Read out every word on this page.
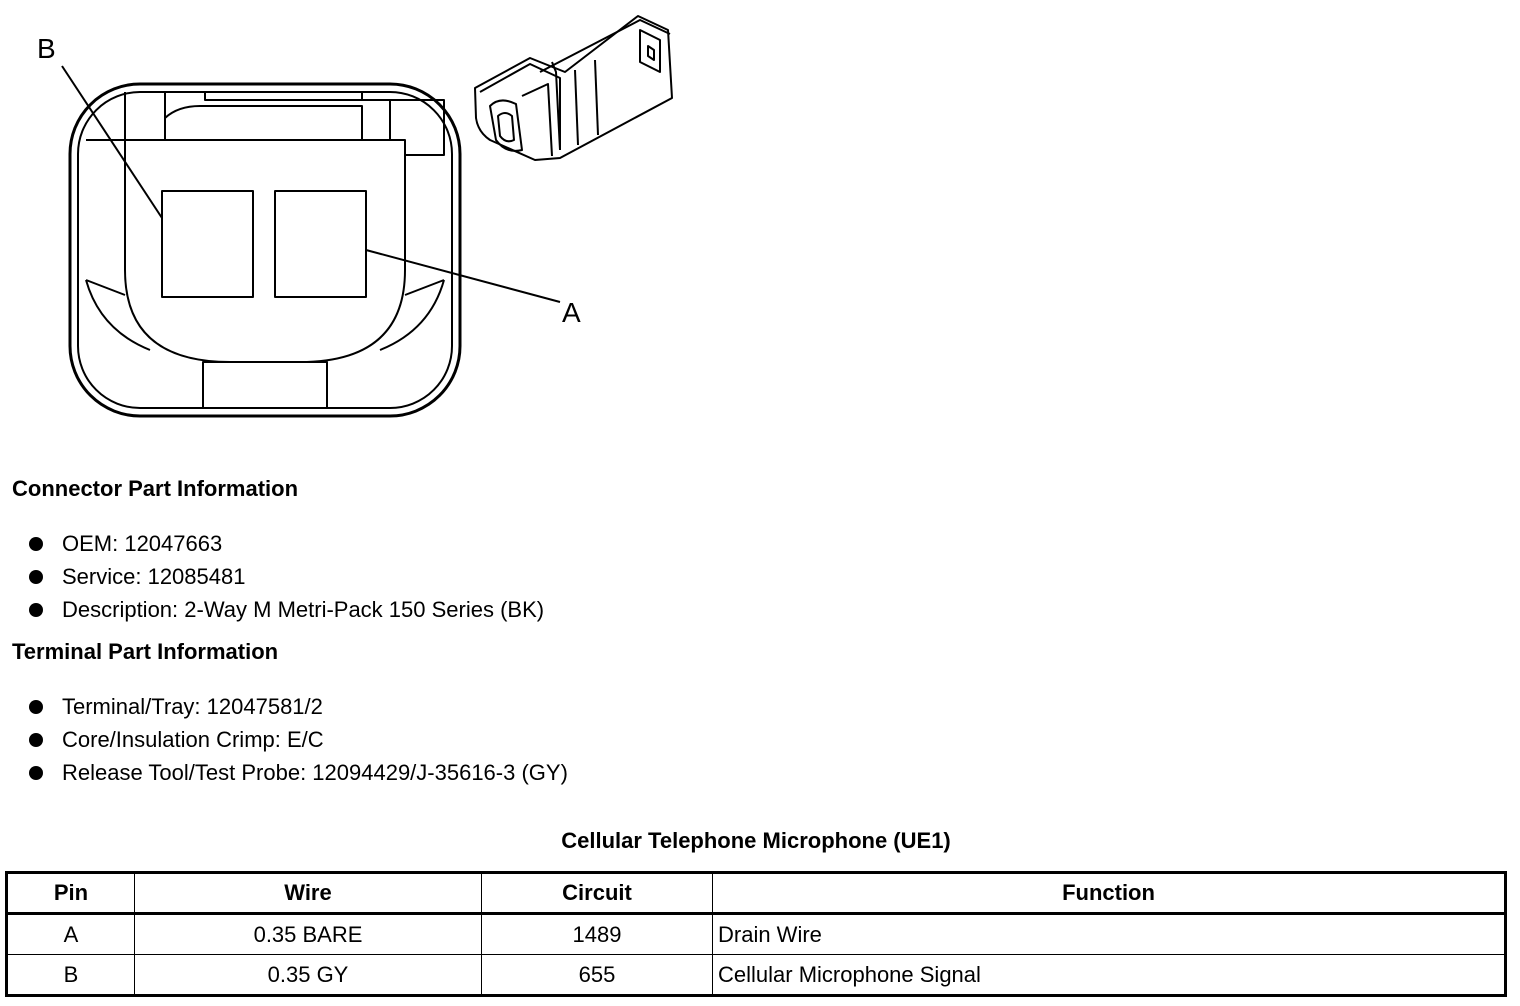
B
A
Connector Part Information
OEM: 12047663
Service: 12085481
Description: 2-Way M Metri-Pack 150 Series (BK)
Terminal Part Information
Terminal/Tray: 12047581/2
Core/Insulation Crimp: E/C
Release Tool/Test Probe: 12094429/J-35616-3 (GY)
Cellular Telephone Microphone (UE1)
Pin	Wire	Circuit	Function
A	0.35 BARE	1489	Drain Wire
B	0.35 GY	655	Cellular Microphone Signal
